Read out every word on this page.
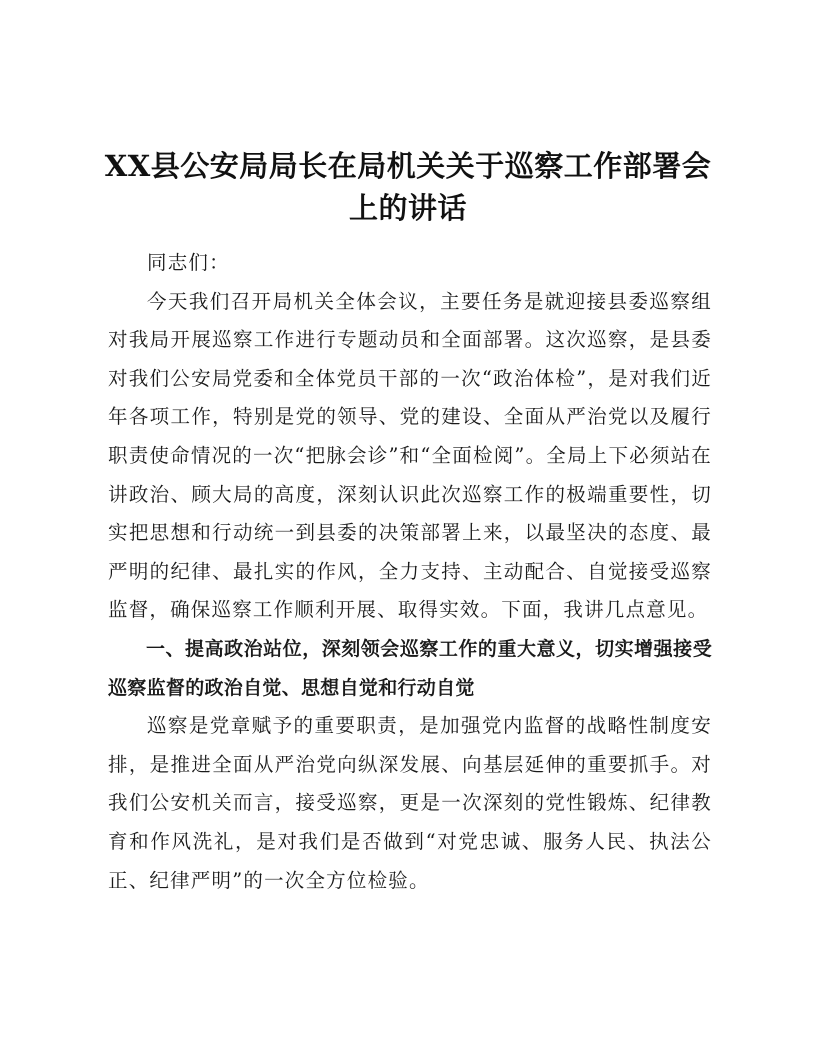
XX县公安局局长在局机关关于巡察工作部署会上的讲话

同志们：

今天我们召开局机关全体会议，主要任务是就迎接县委巡察组对我局开展巡察工作进行专题动员和全面部署。这次巡察，是县委对我们公安局党委和全体党员干部的一次“政治体检”，是对我们近年各项工作，特别是党的领导、党的建设、全面从严治党以及履行职责使命情况的一次“把脉会诊”和“全面检阅”。全局上下必须站在讲政治、顾大局的高度，深刻认识此次巡察工作的极端重要性，切实把思想和行动统一到县委的决策部署上来，以最坚决的态度、最严明的纪律、最扎实的作风，全力支持、主动配合、自觉接受巡察监督，确保巡察工作顺利开展、取得实效。下面，我讲几点意见。

一、提高政治站位，深刻领会巡察工作的重大意义，切实增强接受巡察监督的政治自觉、思想自觉和行动自觉

巡察是党章赋予的重要职责，是加强党内监督的战略性制度安排，是推进全面从严治党向纵深发展、向基层延伸的重要抓手。对我们公安机关而言，接受巡察，更是一次深刻的党性锻炼、纪律教育和作风洗礼，是对我们是否做到“对党忠诚、服务人民、执法公正、纪律严明”的一次全方位检验。
